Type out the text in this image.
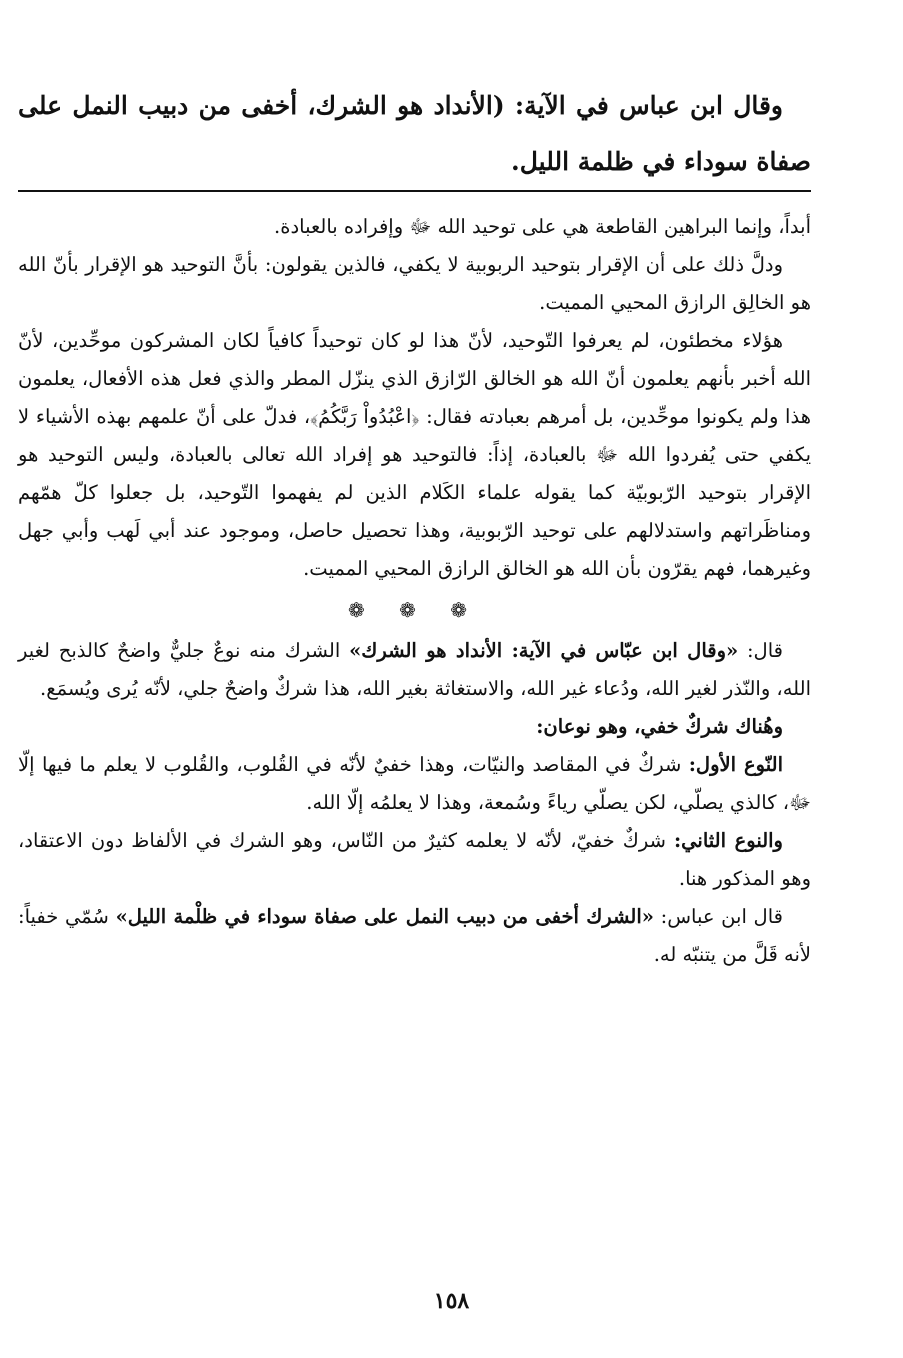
وقال ابن عباس في الآية: (الأنداد هو الشرك، أخفى من دبيب النمل على صفاة سوداء في ظلمة الليل.

أبداً، وإنما البراهين القاطعة هي على توحيد الله ﷻ وإفراده بالعبادة.

ودلَّ ذلك على أن الإقرار بتوحيد الربوبية لا يكفي، فالذين يقولون: بأنَّ التوحيد هو الإقرار بأنّ الله هو الخالِق الرازق المحيي المميت.

هؤلاء مخطئون، لم يعرفوا التّوحيد، لأنّ هذا لو كان توحيداً كافياً لكان المشركون موحِّدين، لأنّ الله أخبر بأنهم يعلمون أنّ الله هو الخالق الرّازق الذي ينزّل المطر والذي فعل هذه الأفعال، يعلمون هذا ولم يكونوا موحِّدين، بل أمرهم بعبادته فقال: ﴿اعْبُدُواْ رَبَّكُمُ﴾، فدلّ على أنّ علمهم بهذه الأشياء لا يكفي حتى يُفردوا الله ﷻ بالعبادة، إذاً: فالتوحيد هو إفراد الله تعالى بالعبادة، وليس التوحيد هو الإقرار بتوحيد الرّبوبيّة كما يقوله علماء الكَلام الذين لم يفهموا التّوحيد، بل جعلوا كلّ همّهم ومناظَراتهم واستدلالهم على توحيد الرّبوبية، وهذا تحصيل حاصل، وموجود عند أبي لَهب وأبي جهل وغيرهما، فهم يقرّون بأن الله هو الخالق الرازق المحيي المميت.

❁ ❁ ❁

قال: «وقال ابن عبّاس في الآية: الأنداد هو الشرك» الشرك منه نوعٌ جليٌّ واضحٌ كالذبح لغير الله، والنّذر لغير الله، ودُعاء غير الله، والاستغاثة بغير الله، هذا شركٌ واضحٌ جلي، لأنّه يُرى ويُسمَع.

وهُناك شركٌ خفي، وهو نوعان:

النّوع الأول: شركٌ في المقاصد والنيّات، وهذا خفيٌ لأنّه في القُلوب، والقُلوب لا يعلم ما فيها إلّا ﷻ، كالذي يصلّي، لكن يصلّي رياءً وسُمعة، وهذا لا يعلمُه إلّا الله.

والنوع الثاني: شركٌ خفيّ، لأنّه لا يعلمه كثيرٌ من النّاس، وهو الشرك في الألفاظ دون الاعتقاد، وهو المذكور هنا.

قال ابن عباس: «الشرك أخفى من دبيب النمل على صفاة سوداء في ظلْمة الليل» سُمّي خفياً: لأنه قَلَّ من يتنبّه له.

١٥٨
